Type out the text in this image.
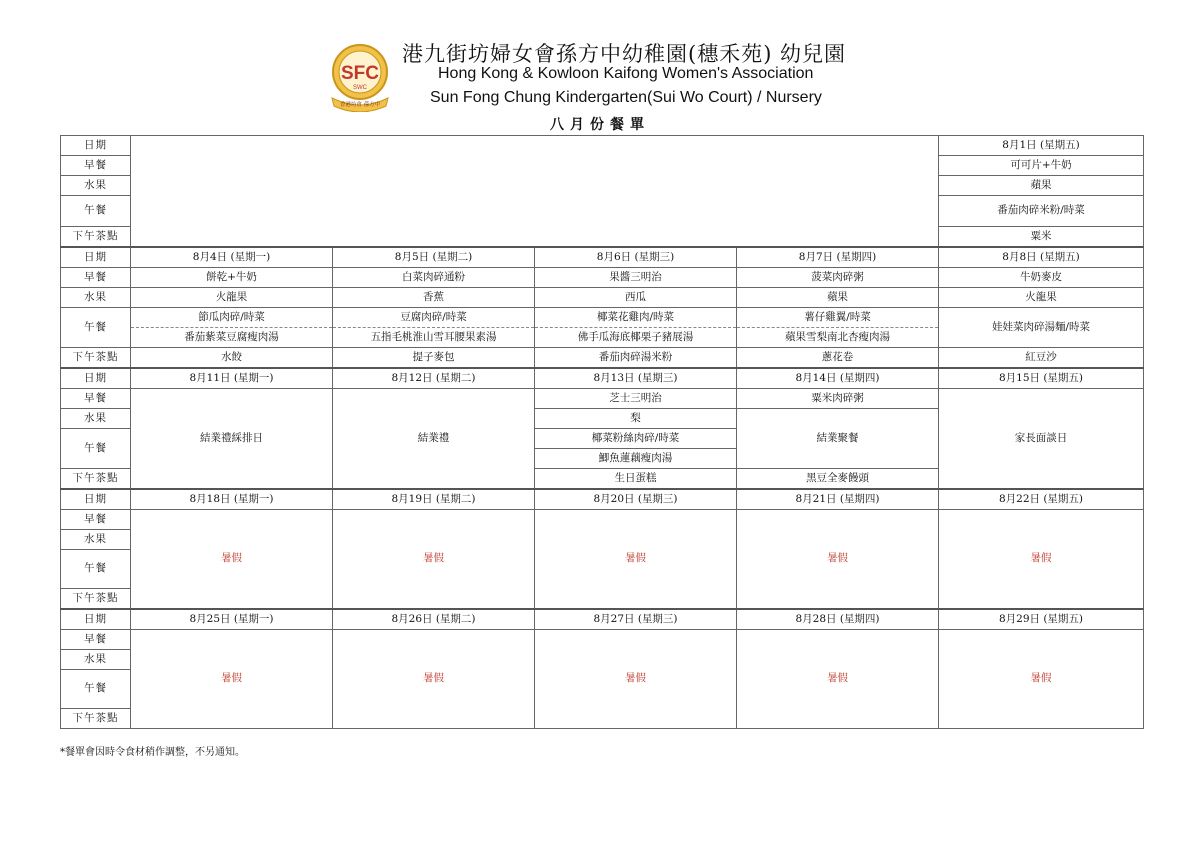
SFC
SWC
香港坊會 孫方中
港九街坊婦女會孫方中幼稚園(穗禾苑) 幼兒園
Hong Kong & Kowloon Kaifong Women's Association
Sun Fong Chung Kindergarten(Sui Wo Court) / Nursery
八月份餐單
日期					8月1日 (星期五)
早餐					可可片+牛奶
水果					蘋果
午餐					番茄肉碎米粉/時菜
下午茶點					粟米
日期	8月4日 (星期一)	8月5日 (星期二)	8月6日 (星期三)	8月7日 (星期四)	8月8日 (星期五)
早餐	餅乾+牛奶	白菜肉碎通粉	果醬三明治	菠菜肉碎粥	牛奶麥皮
水果	火龍果	香蕉	西瓜	蘋果	火龍果
午餐	節瓜肉碎/時菜	豆腐肉碎/時菜	椰菜花雞肉/時菜	薯仔雞翼/時菜	娃娃菜肉碎湯麵/時菜
	番茄紫菜豆腐瘦肉湯	五指毛桃淮山雪耳腰果素湯	佛手瓜海底椰栗子豬展湯	蘋果雪梨南北杏瘦肉湯	
下午茶點	水餃	提子麥包	番茄肉碎湯米粉	蔥花卷	紅豆沙
日期	8月11日 (星期一)	8月12日 (星期二)	8月13日 (星期三)	8月14日 (星期四)	8月15日 (星期五)
早餐	結業禮綵排日	結業禮	芝士三明治	粟米肉碎粥	家長面談日
水果			梨	結業聚餐	
午餐			椰菜粉絲肉碎/時菜		
			鯽魚蓮藕瘦肉湯		
下午茶點			生日蛋糕	黑豆全麥饅頭	
日期	8月18日 (星期一)	8月19日 (星期二)	8月20日 (星期三)	8月21日 (星期四)	8月22日 (星期五)
早餐	暑假	暑假	暑假	暑假	暑假
水果					
午餐					
下午茶點					
日期	8月25日 (星期一)	8月26日 (星期二)	8月27日 (星期三)	8月28日 (星期四)	8月29日 (星期五)
早餐	暑假	暑假	暑假	暑假	暑假
水果					
午餐					
下午茶點					
*餐單會因時令食材稍作調整，不另通知。
